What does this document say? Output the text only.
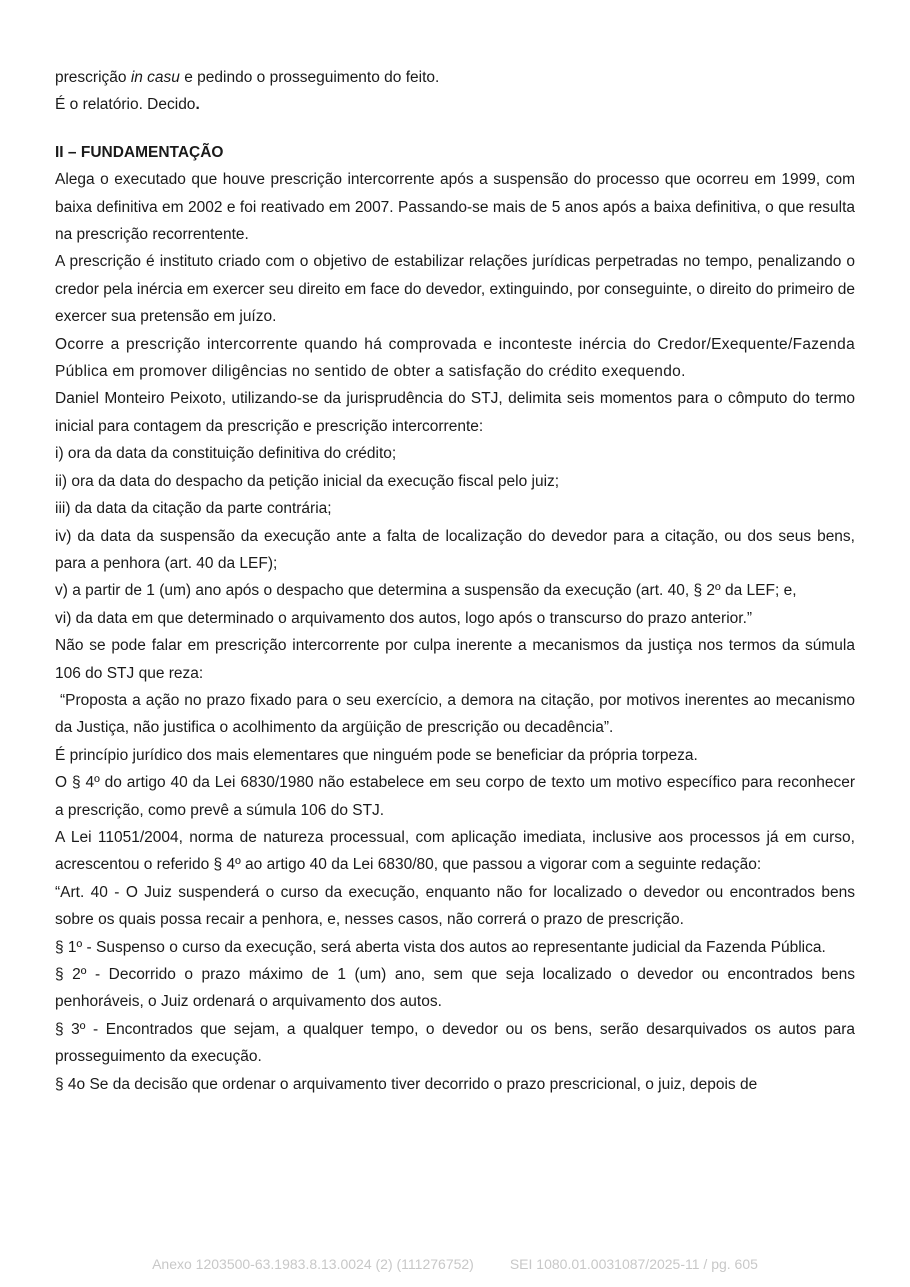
prescrição in casu e pedindo o prosseguimento do feito.

É o relatório. Decido.

II – FUNDAMENTAÇÃO

Alega o executado que houve prescrição intercorrente após a suspensão do processo que ocorreu em 1999, com baixa definitiva em 2002 e foi reativado em 2007. Passando-se mais de 5 anos após a baixa definitiva, o que resulta na prescrição recorrentente.

A prescrição é instituto criado com o objetivo de estabilizar relações jurídicas perpetradas no tempo, penalizando o credor pela inércia em exercer seu direito em face do devedor, extinguindo, por conseguinte, o direito do primeiro de exercer sua pretensão em juízo.

Ocorre a prescrição intercorrente quando há comprovada e inconteste inércia do Credor/Exequente/Fazenda Pública em promover diligências no sentido de obter a satisfação do crédito exequendo.

Daniel Monteiro Peixoto, utilizando-se da jurisprudência do STJ, delimita seis momentos para o cômputo do termo inicial para contagem da prescrição e prescrição intercorrente:

i) ora da data da constituição definitiva do crédito;

ii) ora da data do despacho da petição inicial da execução fiscal pelo juiz;

iii) da data da citação da parte contrária;

iv) da data da suspensão da execução ante a falta de localização do devedor para a citação, ou dos seus bens, para a penhora (art. 40 da LEF);

v) a partir de 1 (um) ano após o despacho que determina a suspensão da execução (art. 40, § 2º da LEF; e,

vi) da data em que determinado o arquivamento dos autos, logo após o transcurso do prazo anterior.”

Não se pode falar em prescrição intercorrente por culpa inerente a mecanismos da justiça nos termos da súmula 106 do STJ que reza:

“Proposta a ação no prazo fixado para o seu exercício, a demora na citação, por motivos inerentes ao mecanismo da Justiça, não justifica o acolhimento da argüição de prescrição ou decadência”.

É princípio jurídico dos mais elementares que ninguém pode se beneficiar da própria torpeza.

O § 4º do artigo 40 da Lei 6830/1980 não estabelece em seu corpo de texto um motivo específico para reconhecer a prescrição, como prevê a súmula 106 do STJ.

A Lei 11051/2004, norma de natureza processual, com aplicação imediata, inclusive aos processos já em curso, acrescentou o referido § 4º ao artigo 40 da Lei 6830/80, que passou a vigorar com a seguinte redação:

“Art. 40 - O Juiz suspenderá o curso da execução, enquanto não for localizado o devedor ou encontrados bens sobre os quais possa recair a penhora, e, nesses casos, não correrá o prazo de prescrição.

§ 1º - Suspenso o curso da execução, será aberta vista dos autos ao representante judicial da Fazenda Pública.

§ 2º - Decorrido o prazo máximo de 1 (um) ano, sem que seja localizado o devedor ou encontrados bens penhoráveis, o Juiz ordenará o arquivamento dos autos.

§ 3º - Encontrados que sejam, a qualquer tempo, o devedor ou os bens, serão desarquivados os autos para prosseguimento da execução.

§ 4o Se da decisão que ordenar o arquivamento tiver decorrido o prazo prescricional, o juiz, depois de

Anexo 1203500-63.1983.8.13.0024 (2) (111276752)	SEI 1080.01.0031087/2025-11 / pg. 605
